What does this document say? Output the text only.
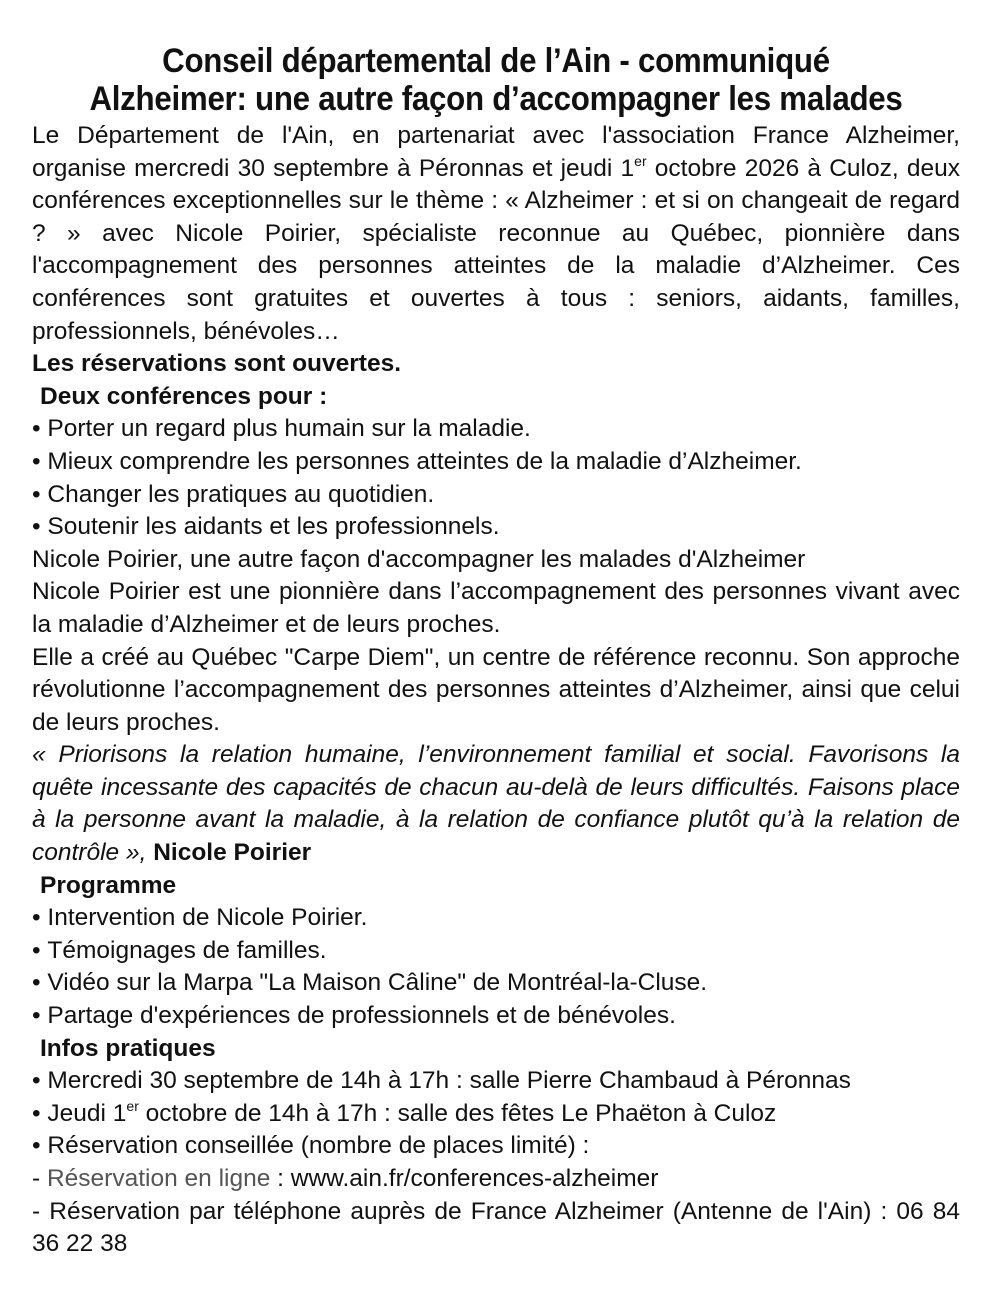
Conseil départemental de l’Ain - communiqué
Alzheimer: une autre façon d’accompagner les malades

Le Département de l'Ain, en partenariat avec l'association France Alzheimer, organise mercredi 30 septembre à Péronnas et jeudi 1er octobre 2026 à Culoz, deux conférences exceptionnelles sur le thème : « Alzheimer : et si on changeait de regard ? » avec Nicole Poirier, spécialiste reconnue au Québec, pionnière dans l'accompagnement des personnes atteintes de la maladie d’Alzheimer. Ces conférences sont gratuites et ouvertes à tous : seniors, aidants, familles, professionnels, bénévoles…

Les réservations sont ouvertes.

Deux conférences pour :

• Porter un regard plus humain sur la maladie.
• Mieux comprendre les personnes atteintes de la maladie d’Alzheimer.
• Changer les pratiques au quotidien.
• Soutenir les aidants et les professionnels.

Nicole Poirier, une autre façon d'accompagner les malades d'Alzheimer

Nicole Poirier est une pionnière dans l’accompagnement des personnes vivant avec la maladie d’Alzheimer et de leurs proches.

Elle a créé au Québec "Carpe Diem", un centre de référence reconnu. Son approche révolutionne l’accompagnement des personnes atteintes d’Alzheimer, ainsi que celui de leurs proches.

« Priorisons la relation humaine, l’environnement familial et social. Favorisons la quête incessante des capacités de chacun au-delà de leurs difficultés. Faisons place à la personne avant la maladie, à la relation de confiance plutôt qu’à la relation de contrôle », Nicole Poirier

Programme

• Intervention de Nicole Poirier.
• Témoignages de familles.
• Vidéo sur la Marpa "La Maison Câline" de Montréal-la-Cluse.
• Partage d'expériences de professionnels et de bénévoles.

Infos pratiques

• Mercredi 30 septembre de 14h à 17h : salle Pierre Chambaud à Péronnas
• Jeudi 1er octobre de 14h à 17h : salle des fêtes Le Phaëton à Culoz
• Réservation conseillée (nombre de places limité) :

- Réservation en ligne : www.ain.fr/conferences-alzheimer

- Réservation par téléphone auprès de France Alzheimer (Antenne de l'Ain) : 06 84 36 22 38
